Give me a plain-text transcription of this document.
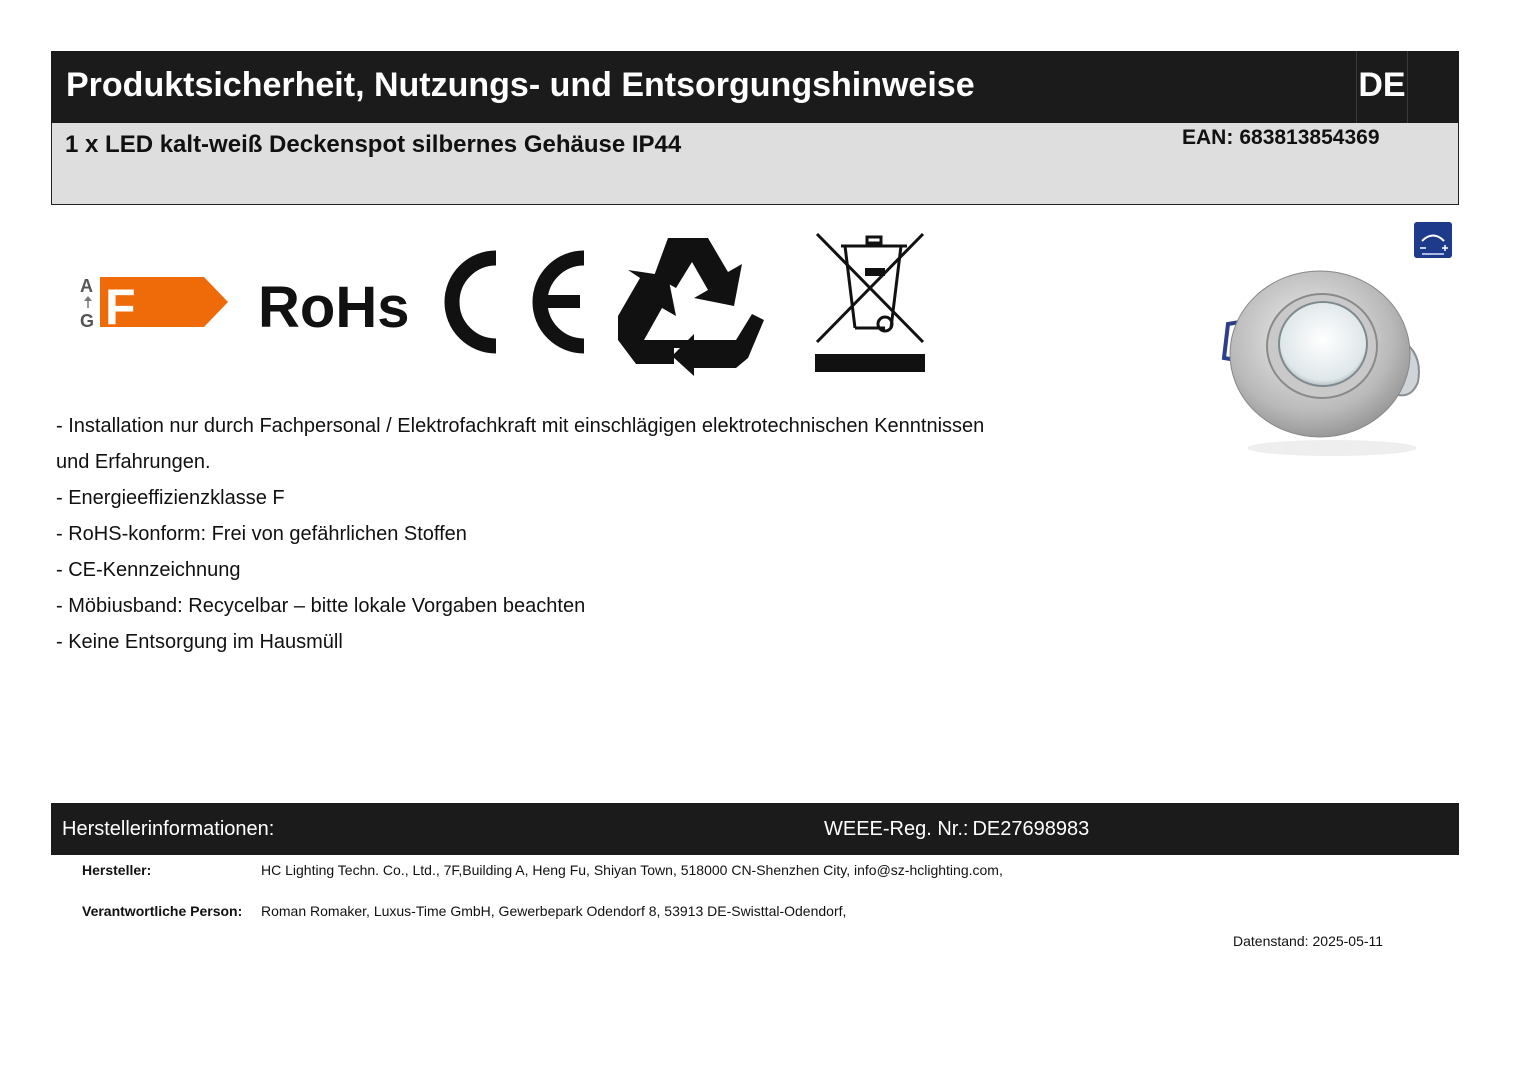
Produktsicherheit, Nutzungs- und Entsorgungshinweise	DE
1 x LED kalt-weiß Deckenspot silbernes Gehäuse IP44	EAN: 683813854369
A
G F RoHs
- Installation nur durch Fachpersonal / Elektrofachkraft mit einschlägigen elektrotechnischen Kenntnissen
und Erfahrungen.
- Energieeffizienzklasse F
- RoHS-konform: Frei von gefährlichen Stoffen
- CE-Kennzeichnung
- Möbiusband: Recycelbar – bitte lokale Vorgaben beachten
- Keine Entsorgung im Hausmüll
Herstellerinformationen:	WEEE-Reg. Nr.: DE27698983
Hersteller:	HC Lighting Techn. Co., Ltd., 7F,Building A, Heng Fu, Shiyan Town, 518000 CN-Shenzhen City, info@sz-hclighting.com,
Verantwortliche Person: Roman Romaker, Luxus-Time GmbH, Gewerbepark Odendorf 8, 53913 DE-Swisttal-Odendorf,
Datenstand: 2025-05-11
